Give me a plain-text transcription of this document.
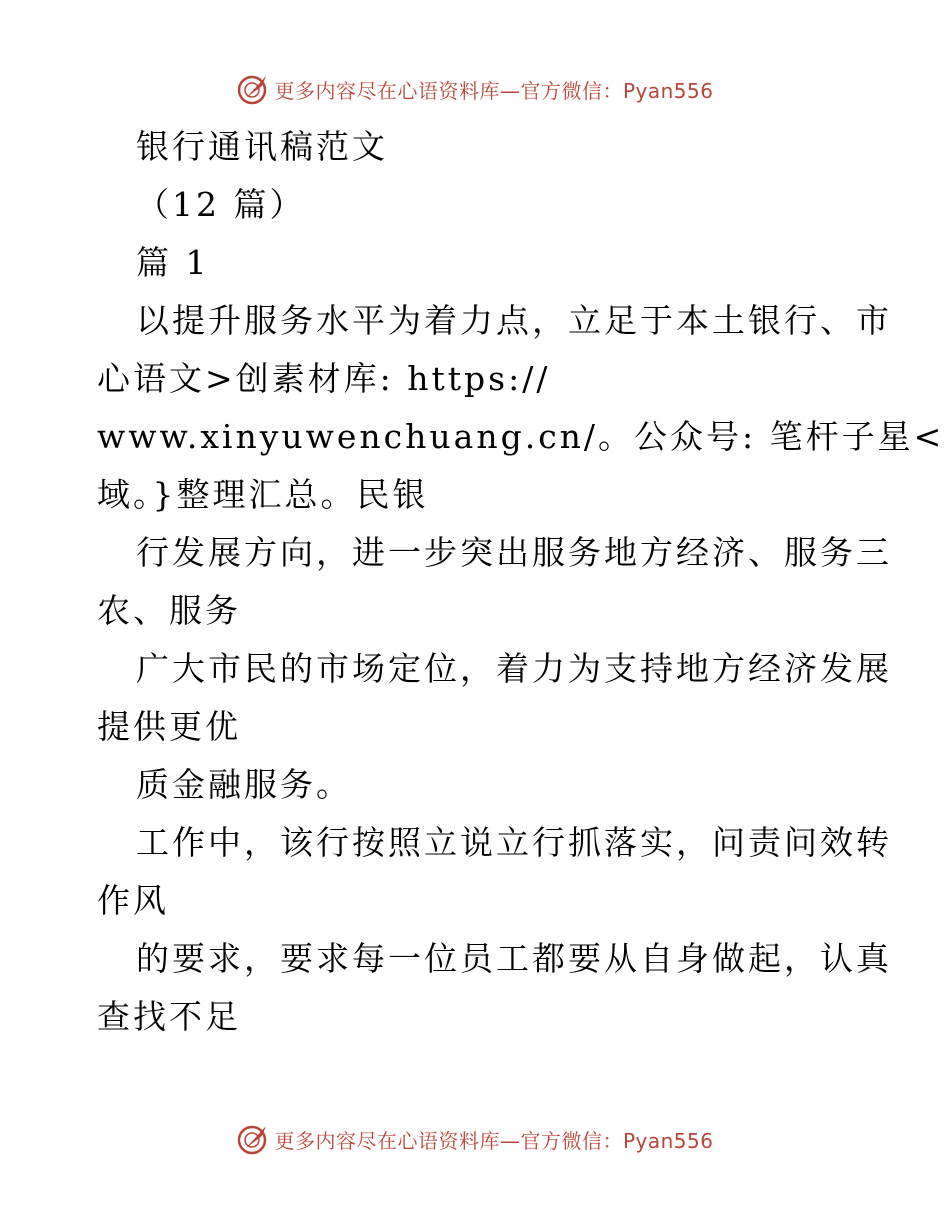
更多内容尽在心语资料库—官方微信：Pyan556
银行通讯稿范文
（12 篇）
篇 1
以提升服务水平为着力点，立足于本土银行、市
心语文>创素材库: https://
www.xinyuwenchuang.cn/。公众号: 笔杆子星<
域。}整理汇总。民银
行发展方向，进一步突出服务地方经济、服务三
农、服务
广大市民的市场定位，着力为支持地方经济发展
提供更优
质金融服务。
工作中，该行按照立说立行抓落实，问责问效转
作风
的要求，要求每一位员工都要从自身做起，认真
查找不足
更多内容尽在心语资料库—官方微信：Pyan556
